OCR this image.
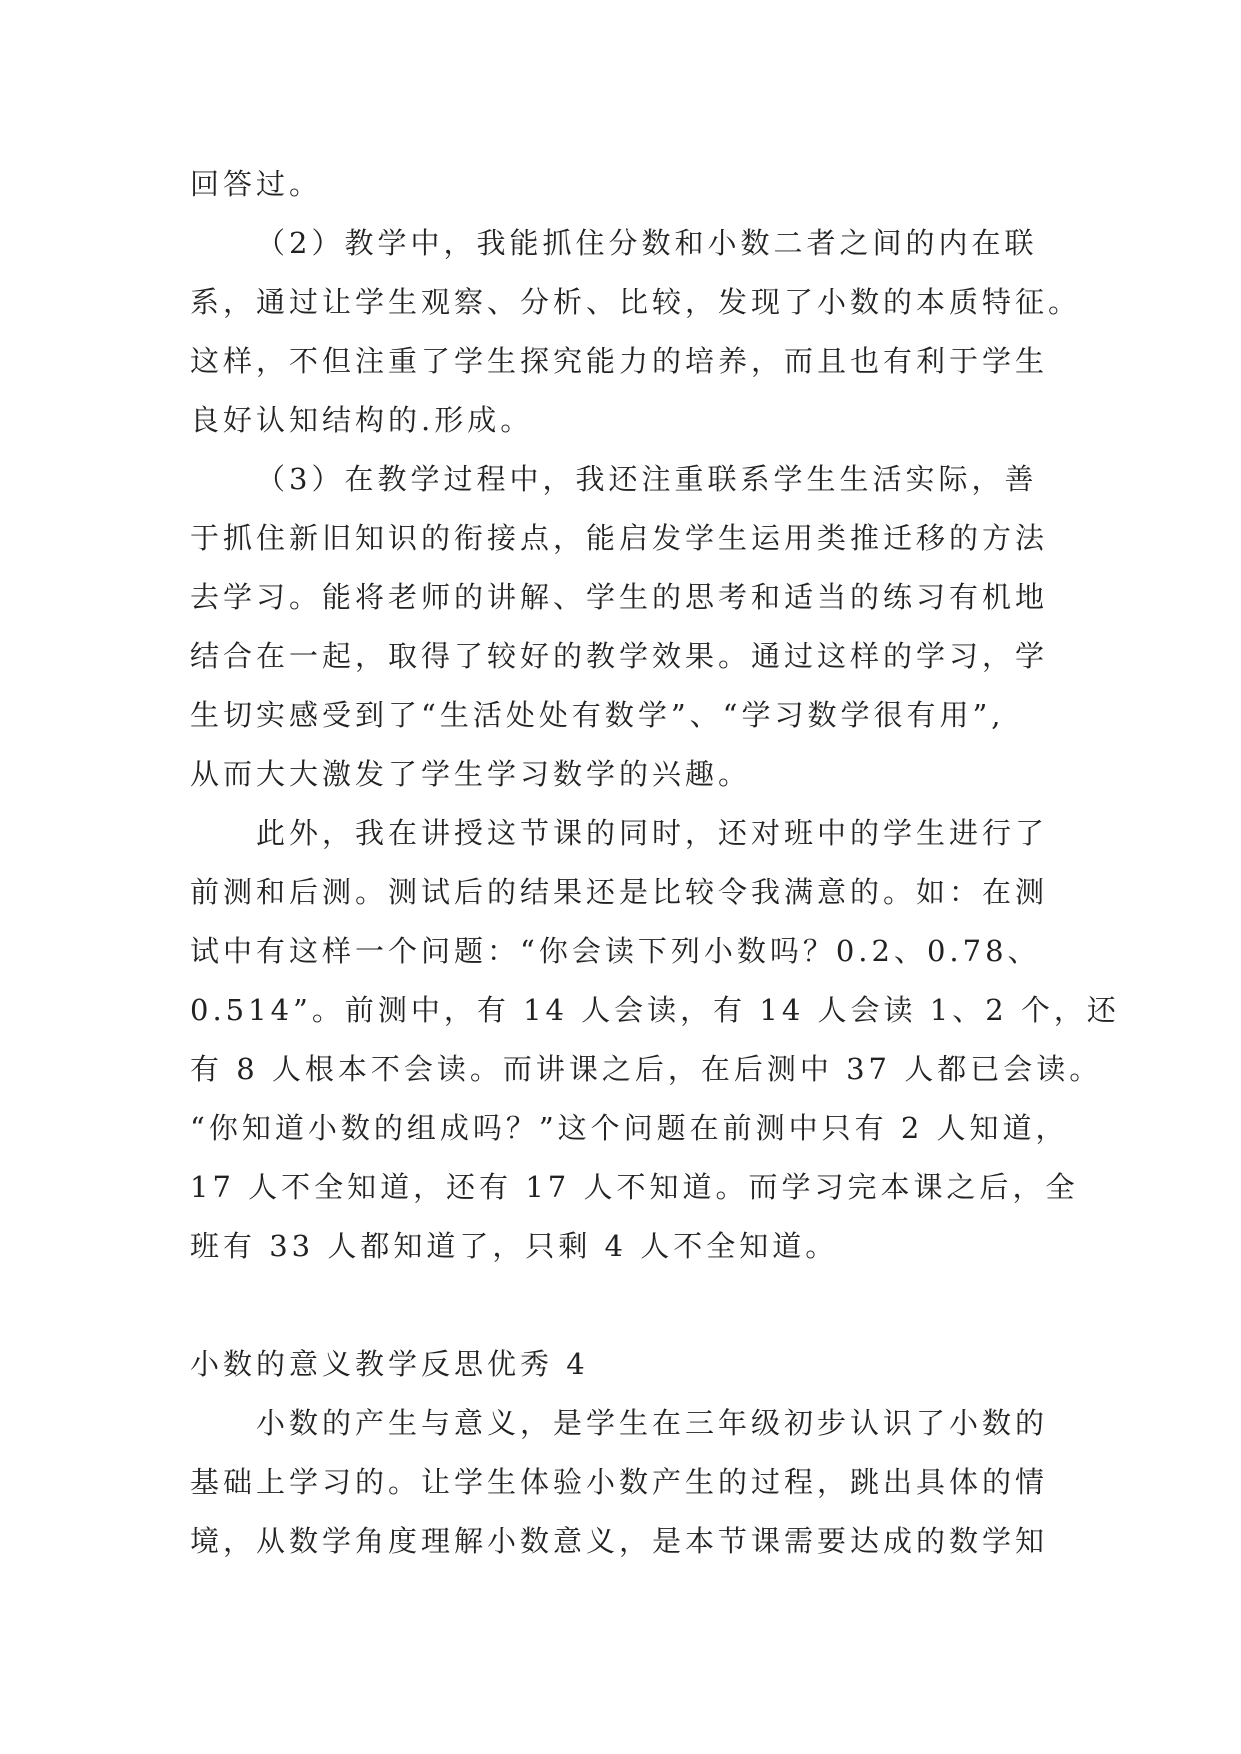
回答过。
（2）教学中，我能抓住分数和小数二者之间的内在联
系，通过让学生观察、分析、比较，发现了小数的本质特征。
这样，不但注重了学生探究能力的培养，而且也有利于学生
良好认知结构的.形成。
（3）在教学过程中，我还注重联系学生生活实际，善
于抓住新旧知识的衔接点，能启发学生运用类推迁移的方法
去学习。能将老师的讲解、学生的思考和适当的练习有机地
结合在一起，取得了较好的教学效果。通过这样的学习，学
生切实感受到了“生活处处有数学”、“学习数学很有用”,
从而大大激发了学生学习数学的兴趣。
此外，我在讲授这节课的同时，还对班中的学生进行了
前测和后测。测试后的结果还是比较令我满意的。如：在测
试中有这样一个问题：“你会读下列小数吗？0.2、0.78、
0.514”。前测中，有 14 人会读，有 14 人会读 1、2 个，还
有 8 人根本不会读。而讲课之后，在后测中 37 人都已会读。
“你知道小数的组成吗？”这个问题在前测中只有 2 人知道，
17 人不全知道，还有 17 人不知道。而学习完本课之后，全
班有 33 人都知道了，只剩 4 人不全知道。
小数的意义教学反思优秀 4
小数的产生与意义，是学生在三年级初步认识了小数的
基础上学习的。让学生体验小数产生的过程，跳出具体的情
境，从数学角度理解小数意义，是本节课需要达成的数学知
